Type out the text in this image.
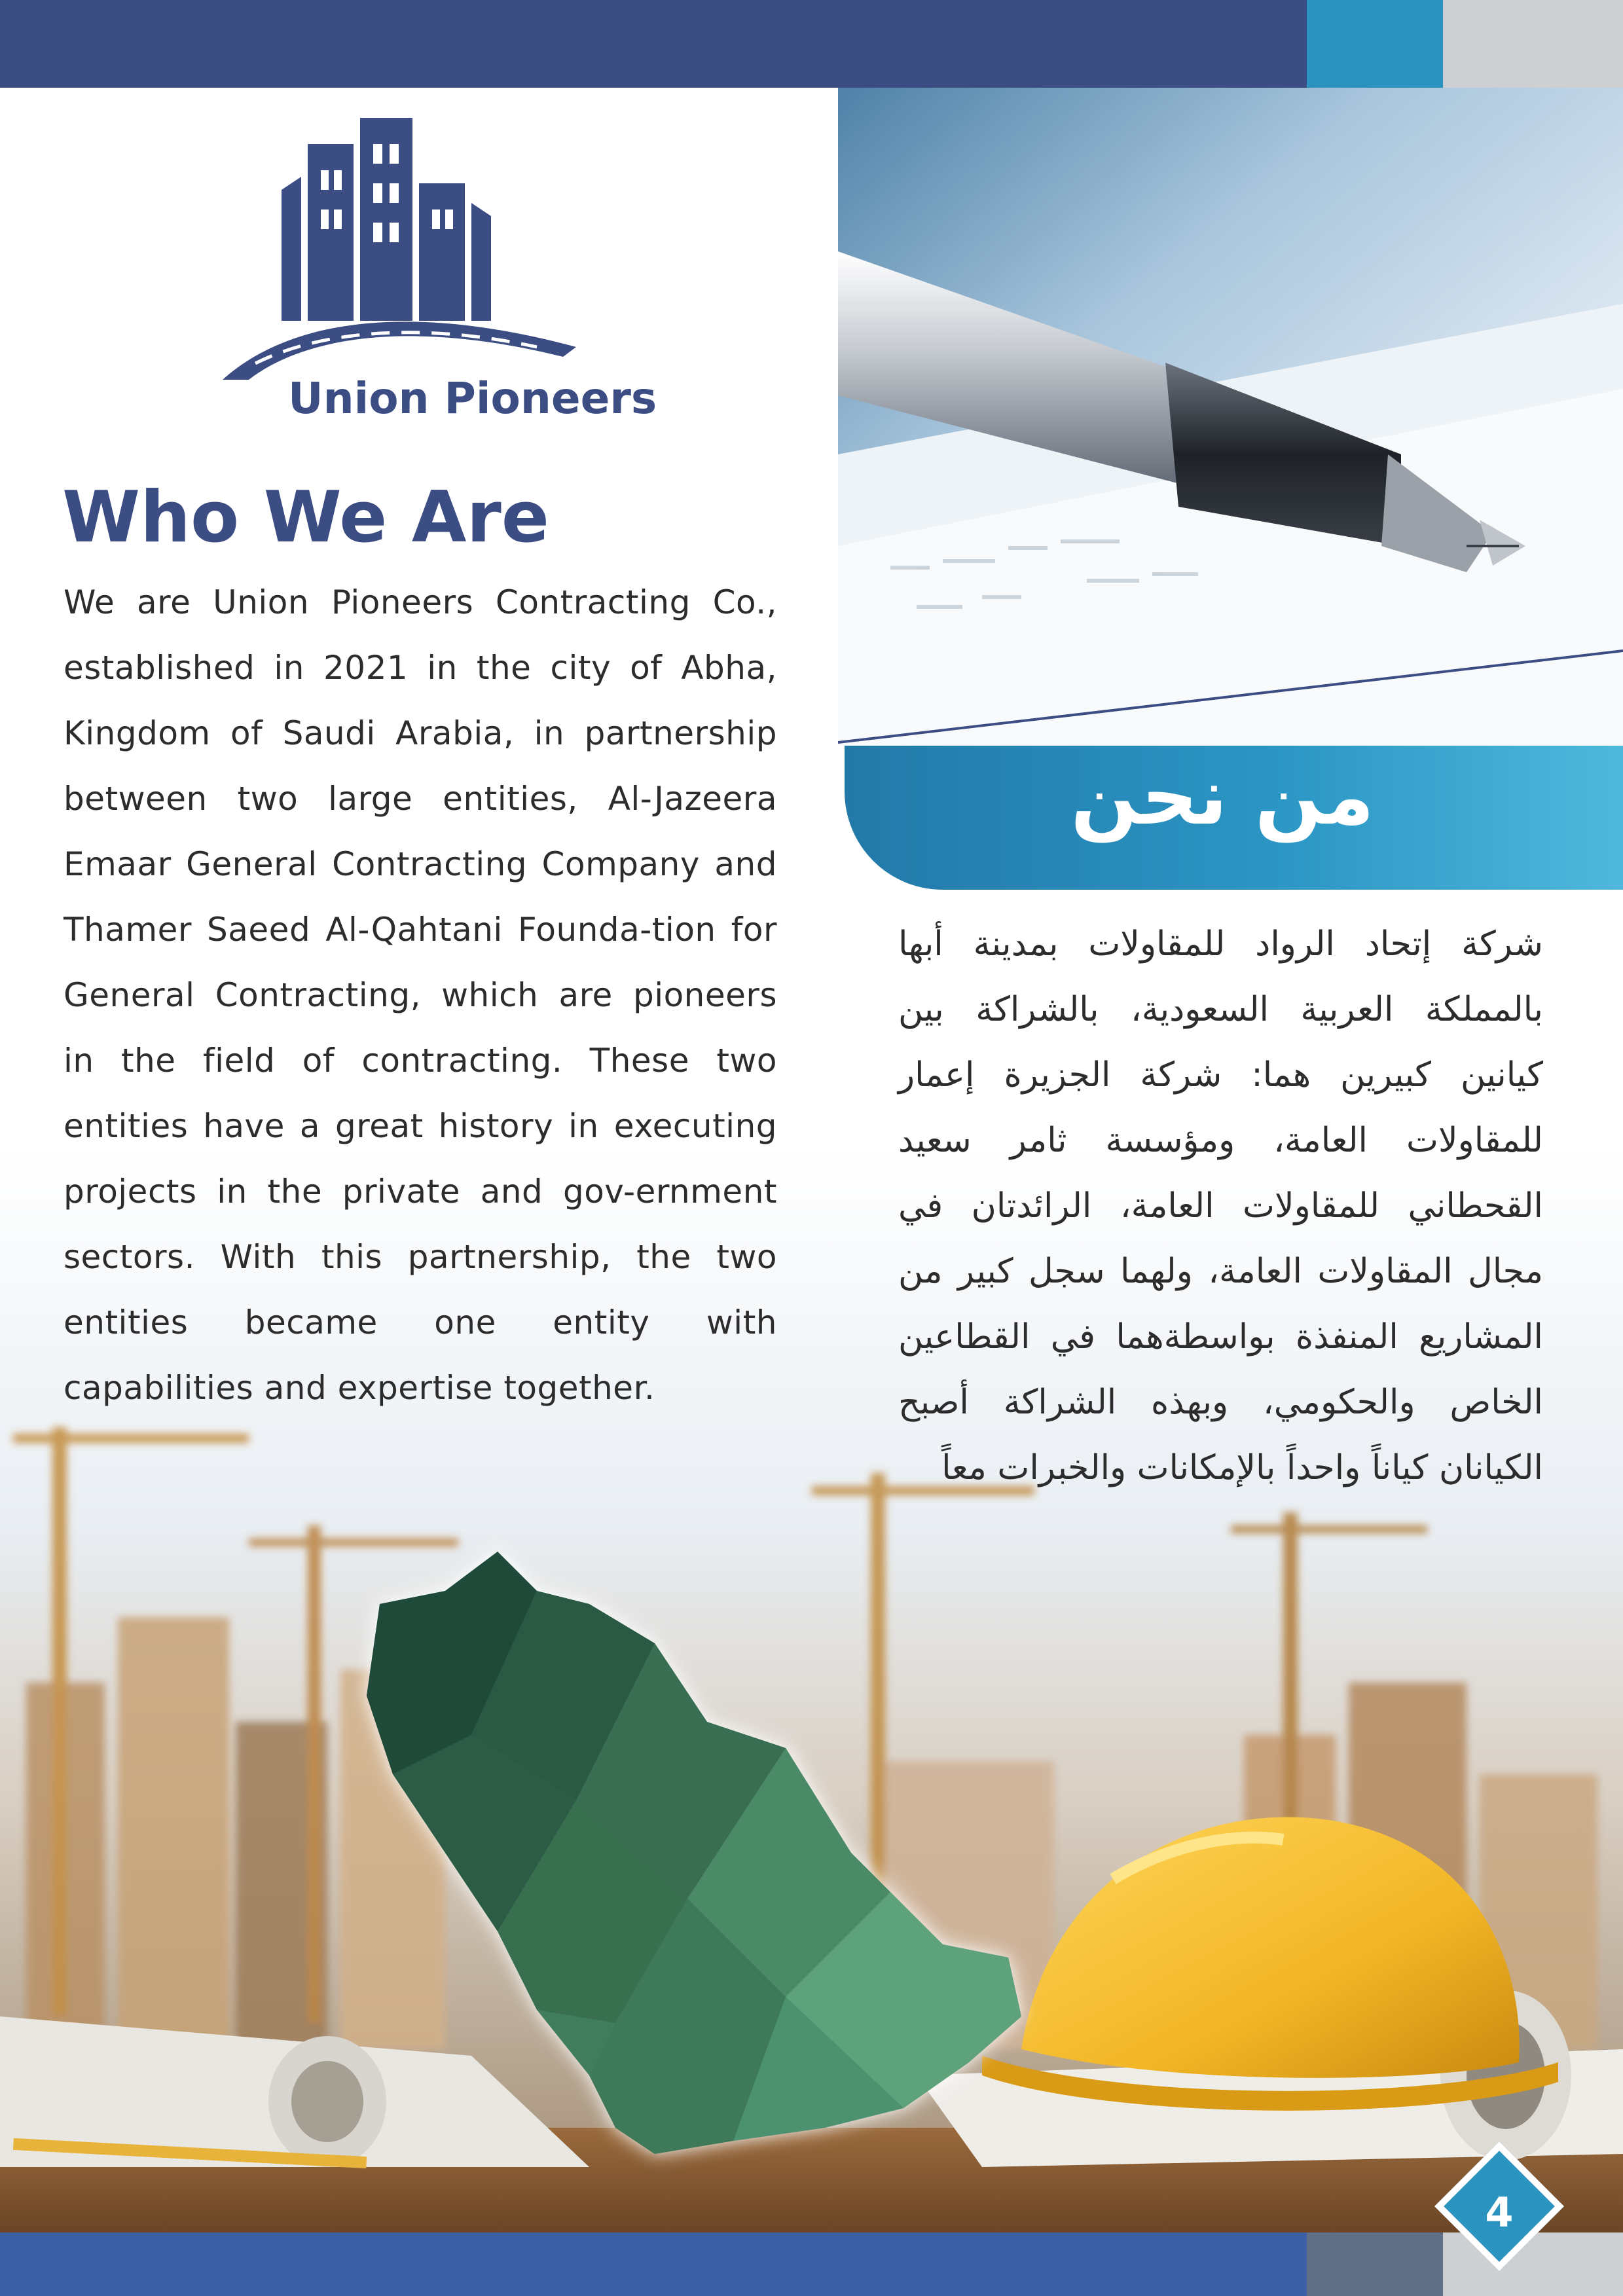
من نحن

Union Pioneers

Who We Are

We are Union Pioneers Contracting Co., established in 2021 in the city of Abha, Kingdom of Saudi Arabia, in partnership between two large entities, Al-Jazeera Emaar General Contracting Company and Thamer Saeed Al-Qahtani Founda-tion for General Contracting, which are pioneers in the field of contracting. These two entities have a great history in executing projects in the private and gov-ernment sectors. With this partnership, the two entities became one entity with capabilities and expertise together.

شركة إتحاد الرواد للمقاولات بمدينة أبها بالمملكة العربية السعودية، بالشراكة بين كيانين كبيرين هما: شركة الجزيرة إعمار للمقاولات العامة، ومؤسسة ثامر سعيد القحطاني للمقاولات العامة، الرائدتان في مجال المقاولات العامة، ولهما سجل كبير من المشاريع المنفذة بواسطةهما في القطاعين الخاص والحكومي، وبهذه الشراكة أصبح الكيانان كياناً واحداً بالإمكانات والخبرات معاً

4
